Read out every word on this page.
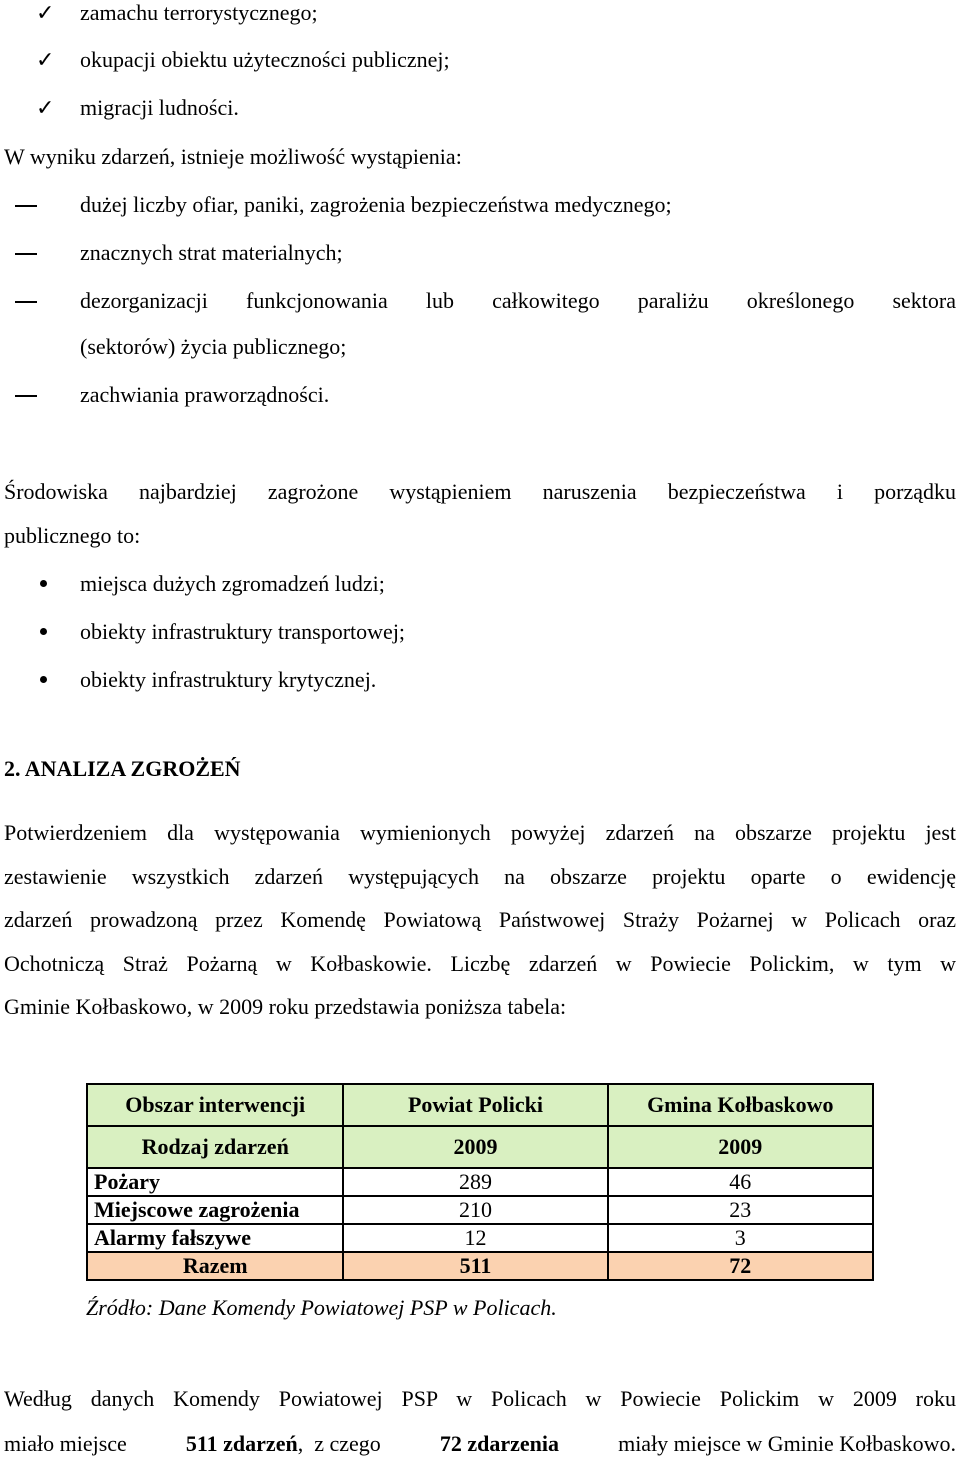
✓ zamachu terrorystycznego;
✓ okupacji obiektu użyteczności publicznej;
✓ migracji ludności.
W wyniku zdarzeń, istnieje możliwość wystąpienia:
dużej liczby ofiar, paniki, zagrożenia bezpieczeństwa medycznego;
znacznych strat materialnych;
dezorganizacji funkcjonowania lub całkowitego paraliżu określonego sektora
(sektorów) życia publicznego;
zachwiania praworządności.
Środowiska najbardziej zagrożone wystąpieniem naruszenia bezpieczeństwa i porządku
publicznego to:
miejsca dużych zgromadzeń ludzi;
obiekty infrastruktury transportowej;
obiekty infrastruktury krytycznej.
2. ANALIZA ZGROŻEŃ
Potwierdzeniem dla występowania wymienionych powyżej zdarzeń na obszarze projektu jest
zestawienie wszystkich zdarzeń występujących na obszarze projektu oparte o ewidencję
zdarzeń prowadzoną przez Komendę Powiatową Państwowej Straży Pożarnej w Policach oraz
Ochotniczą Straż Pożarną w Kołbaskowie. Liczbę zdarzeń w Powiecie Polickim, w tym w
Gminie Kołbaskowo, w 2009 roku przedstawia poniższa tabela:
Obszar interwencji	Powiat Policki	Gmina Kołbaskowo
Rodzaj zdarzeń	2009	2009
Pożary	289	46
Miejscowe zagrożenia	210	23
Alarmy fałszywe	12	3
Razem	511	72
Źródło: Dane Komendy Powiatowej PSP w Policach.
Według danych Komendy Powiatowej PSP w Policach w Powiecie Polickim w 2009 roku
miało miejsce	511 zdarzeń ,  z czego	72 zdarzenia	miały miejsce w Gminie Kołbaskowo.
